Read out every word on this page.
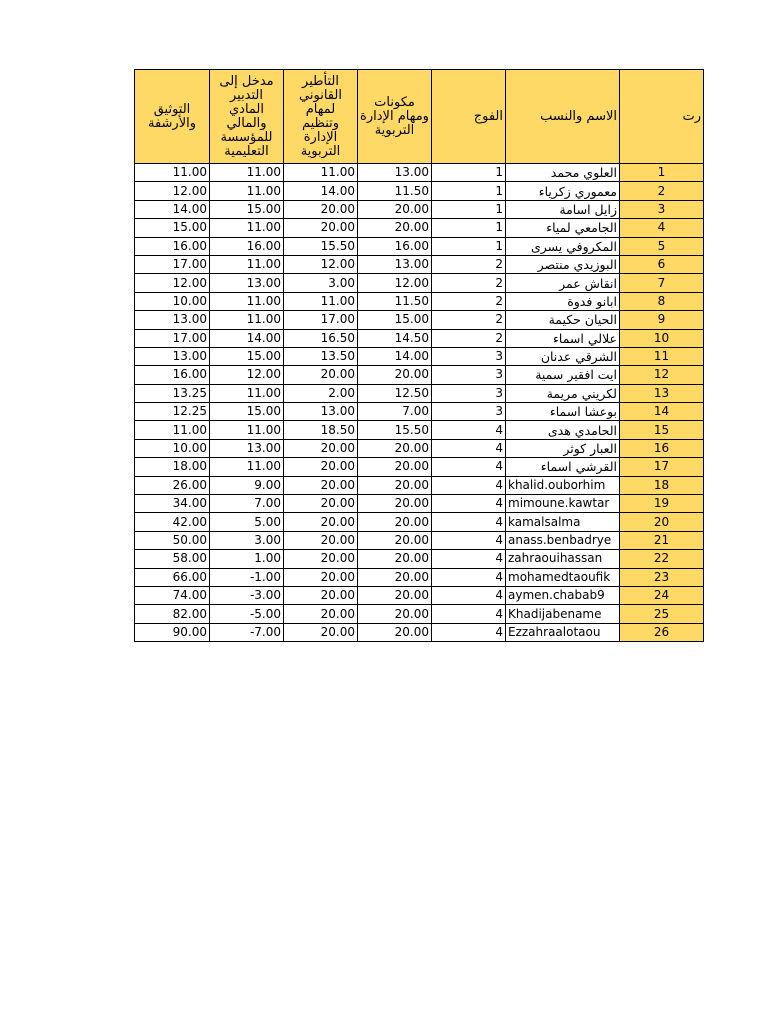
التوثيق والأرشفة	مدخل إلى التدبير المادي والمالي للمؤسسة التعليمية	التأطير القانوني لمهام وتنظيم الإدارة التربوية	مكونات ومهام الإدارة التربوية	الفوج	الاسم والنسب	رت

11.00	11.00	11.00	13.00	1	العلوي محمد	1
12.00	11.00	14.00	11.50	1	معموري زكرياء	2
14.00	15.00	20.00	20.00	1	زايل اسامة	3
15.00	11.00	20.00	20.00	1	الجامعي لمياء	4
16.00	16.00	15.50	16.00	1	المكروفي يسرى	5
17.00	11.00	12.00	13.00	2	البوزيدي منتصر	6
12.00	13.00	3.00	12.00	2	انقاش عمر	7
10.00	11.00	11.00	11.50	2	ابانو فدوة	8
13.00	11.00	17.00	15.00	2	الحيان حكيمة	9
17.00	14.00	16.50	14.50	2	علالي اسماء	10
13.00	15.00	13.50	14.00	3	الشرقي عدنان	11
16.00	12.00	20.00	20.00	3	ايت افقير سمية	12
13.25	11.00	2.00	12.50	3	لكريني مريمة	13
12.25	15.00	13.00	7.00	3	بوعشا اسماء	14
11.00	11.00	18.50	15.50	4	الحامدي هدى	15
10.00	13.00	20.00	20.00	4	العبار كوثر	16
18.00	11.00	20.00	20.00	4	القرشي اسماء	17
26.00	9.00	20.00	20.00	4	khalid.ouborhim	18
34.00	7.00	20.00	20.00	4	mimoune.kawtar	19
42.00	5.00	20.00	20.00	4	kamalsalma	20
50.00	3.00	20.00	20.00	4	anass.benbadrye	21
58.00	1.00	20.00	20.00	4	zahraouihassan	22
66.00	-1.00	20.00	20.00	4	mohamedtaoufik	23
74.00	-3.00	20.00	20.00	4	aymen.chabab9	24
82.00	-5.00	20.00	20.00	4	Khadijabename	25
90.00	-7.00	20.00	20.00	4	Ezzahraalotaou	26
